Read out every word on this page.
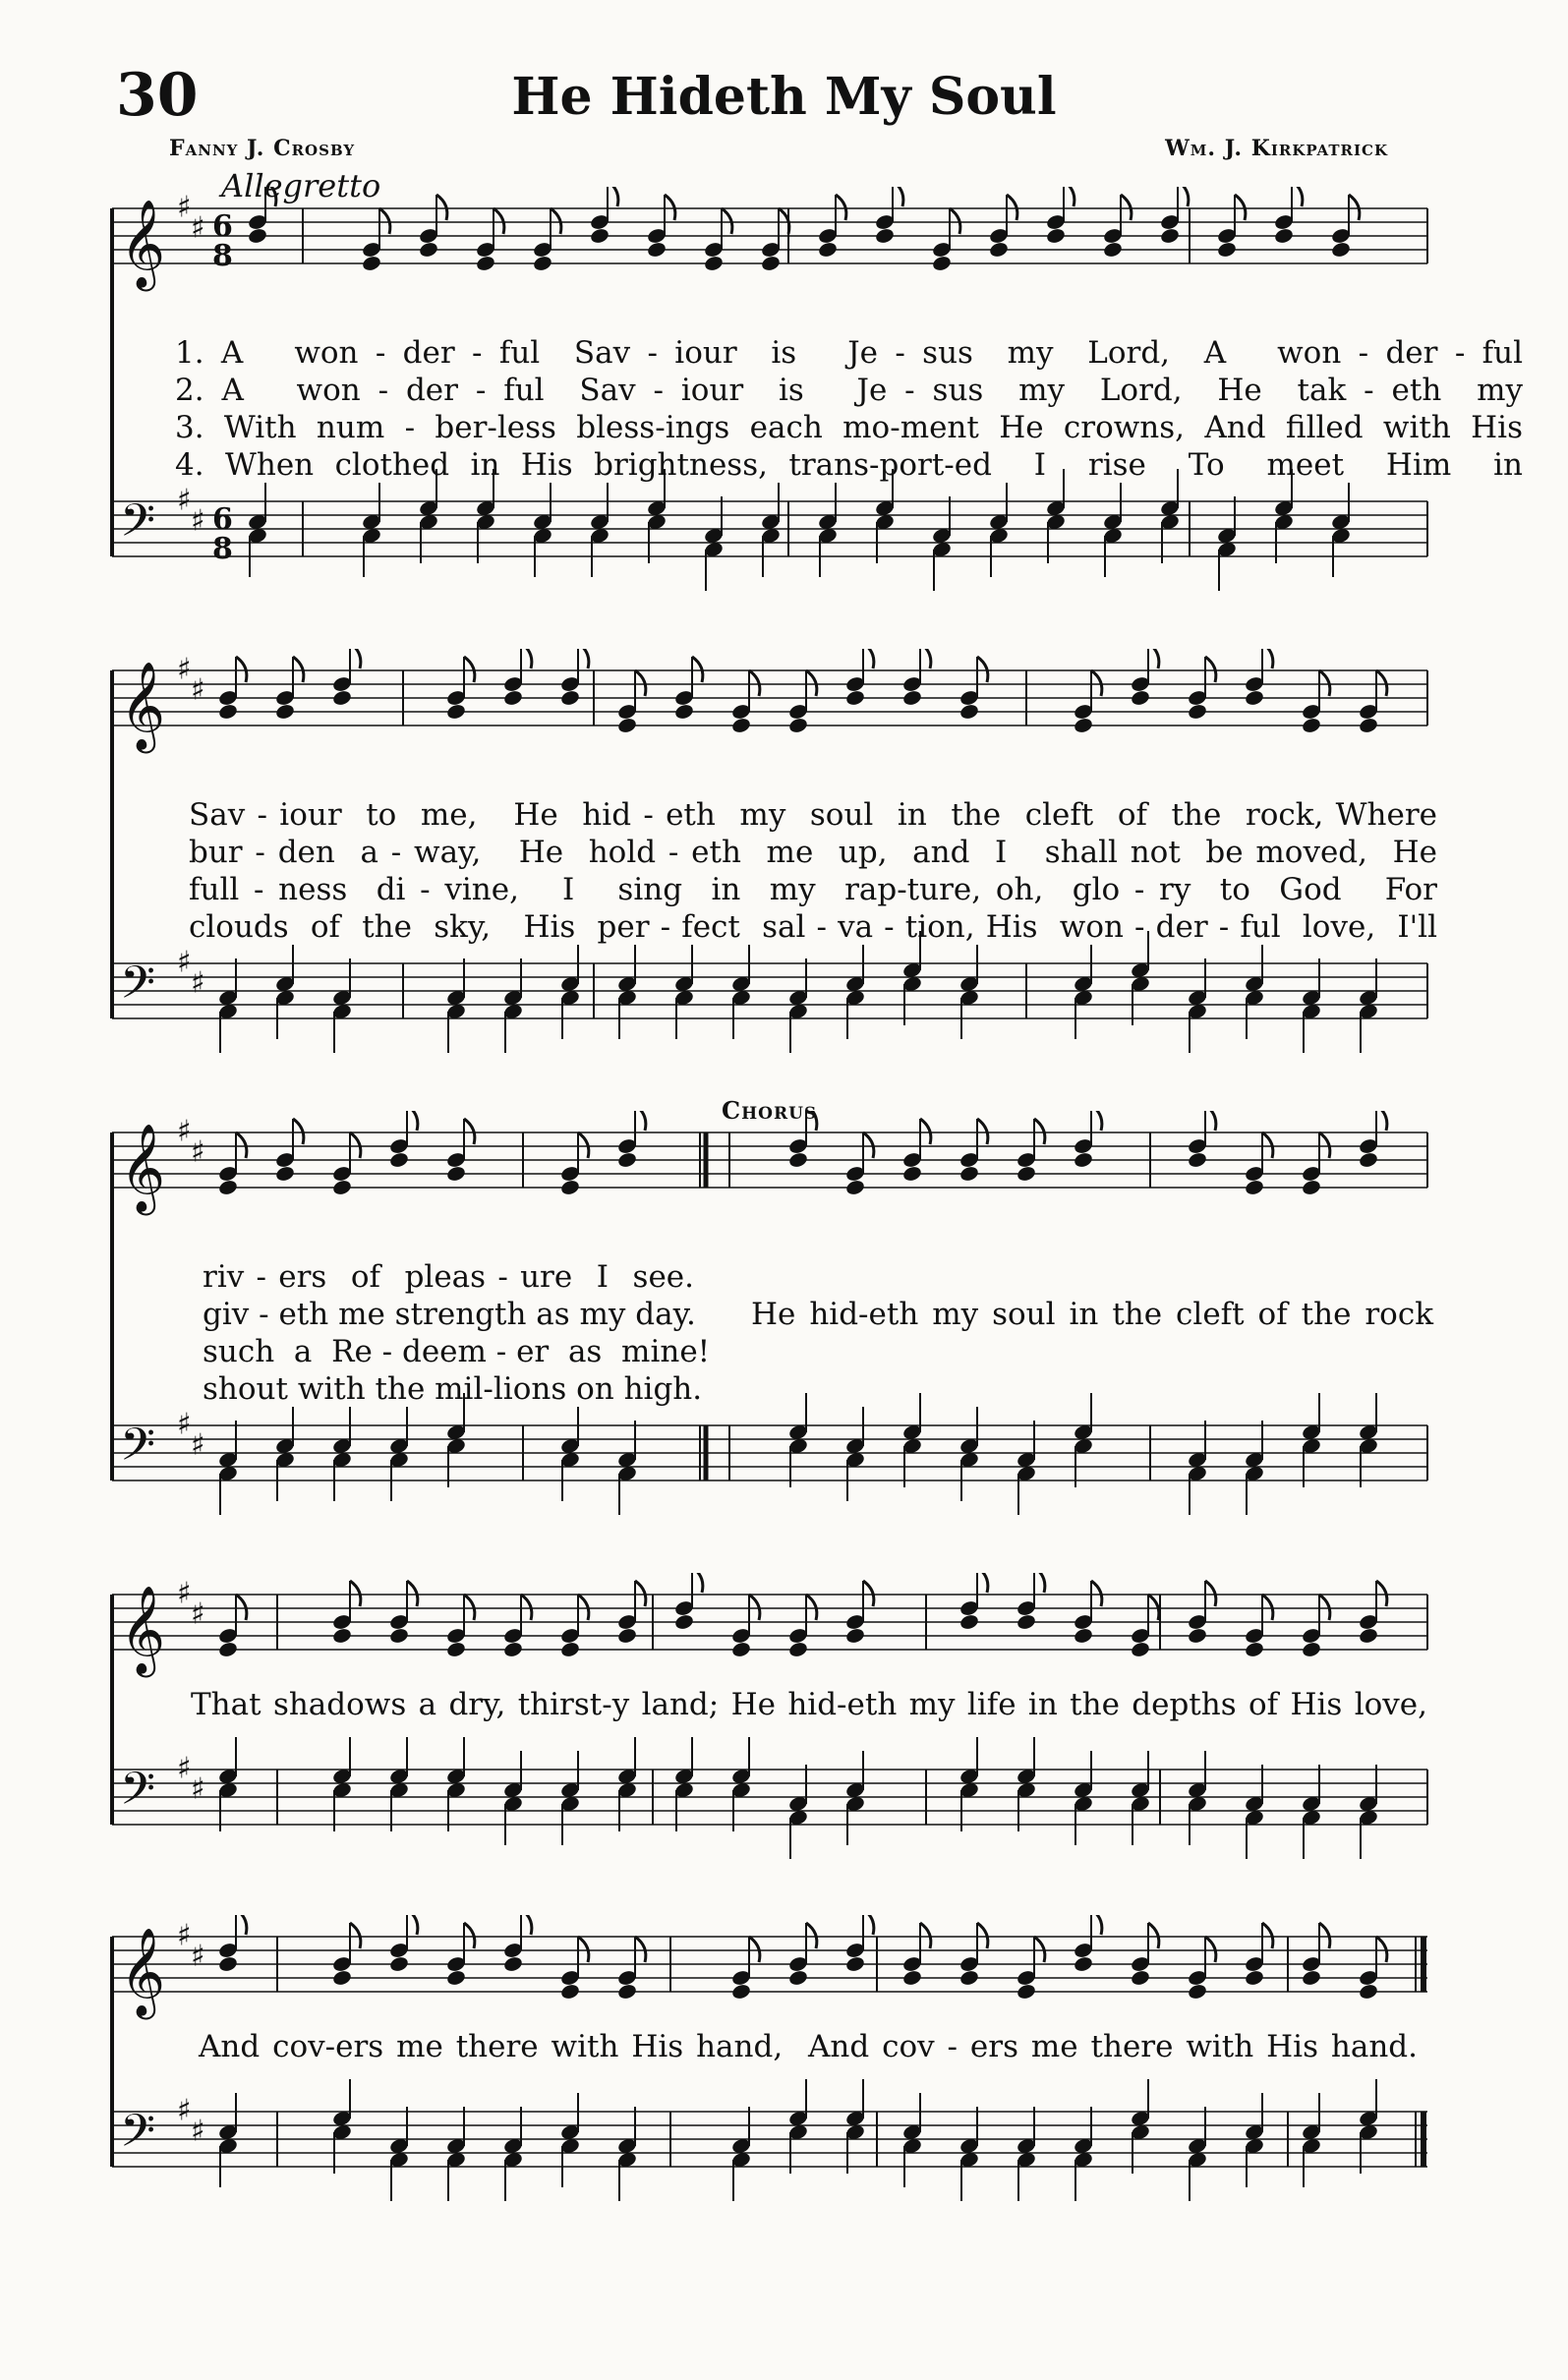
30	He Hideth My Soul
Fanny J. Crosby	Wm. J. Kirkpatrick
Allegretto
Chorus
𝄞 ♯
♯ 6
8
𝄢 ♯
♯ 6
8
1. A   won - der - ful  Sav - iour  is   Je - sus  my  Lord,  A   won - der - ful
2. A   won - der - ful  Sav - iour  is   Je - sus  my  Lord,  He  tak - eth  my
3. With num - ber-less bless-ings each mo-ment He crowns, And filled with His
4. When clothed in His brightness, trans-port-ed  I  rise  To  meet  Him  in
𝄞 ♯
♯
𝄢 ♯
♯
Sav - iour  to  me,   He  hid - eth  my  soul  in  the  cleft  of  the  rock, Where
bur - den  a - way,   He  hold - eth  me  up,  and  I   shall not  be moved,  He
full - ness  di - vine,   I   sing  in  my  rap-ture, oh,  glo - ry  to  God   For
clouds  of  the  sky,   His  per - fect  sal - va - tion, His  won - der - ful  love,  I'll
𝄞 ♯
♯
𝄢 ♯
♯
riv - ers  of  pleas - ure  I  see.
giv - eth me strength as my day.
such  a  Re - deem - er  as  mine!
shout with the mil-lions on high.
He hid-eth my soul in the cleft of the rock
𝄞 ♯
♯
𝄢 ♯
♯
That shadows a dry, thirst-y land; He hid-eth my life in the depths of His love,
𝄞 ♯
♯
𝄢 ♯
♯
And cov-ers me there with His hand,  And cov - ers me there with His hand.
